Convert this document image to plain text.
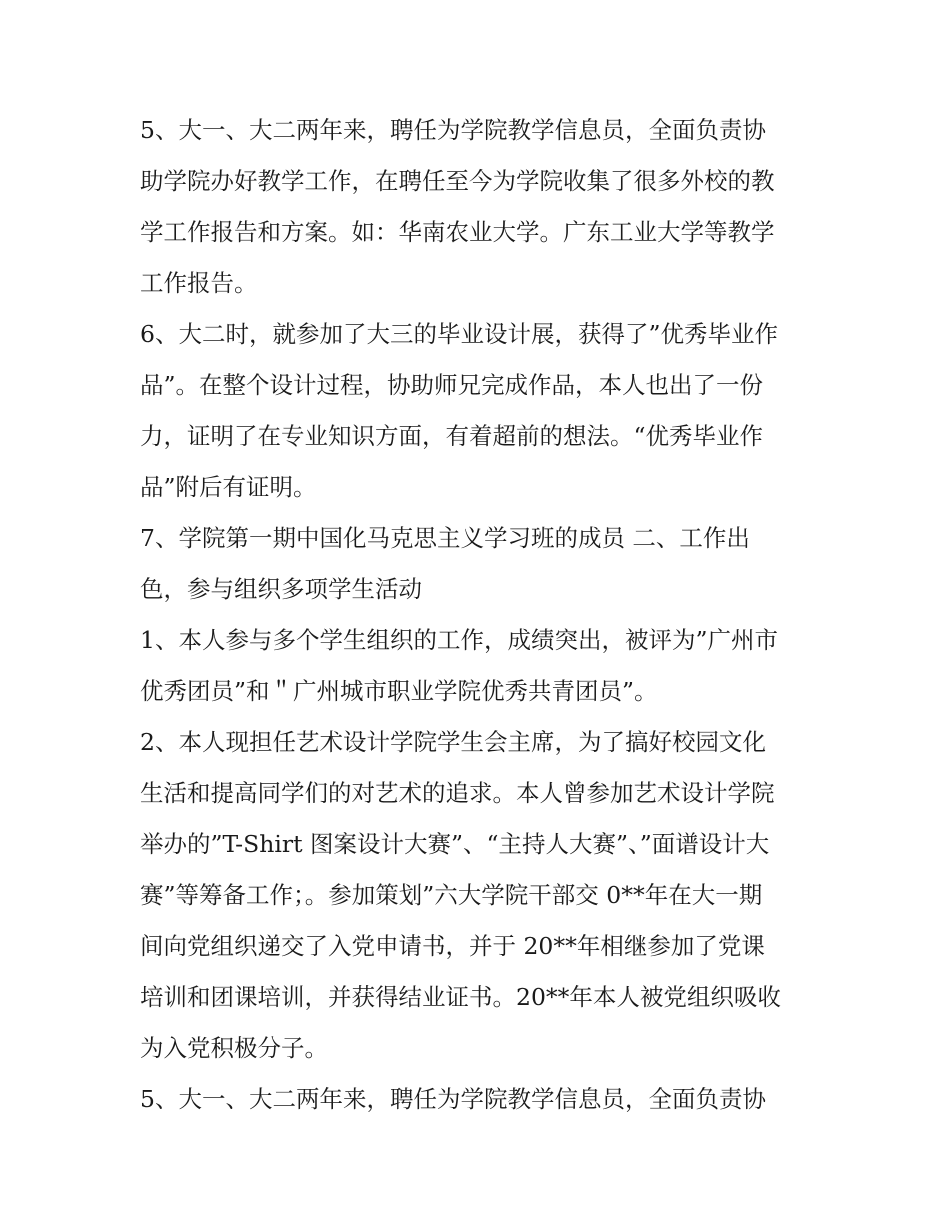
5、大一、大二两年来，聘任为学院教学信息员，全面负责协
助学院办好教学工作，在聘任至今为学院收集了很多外校的教
学工作报告和方案。如：华南农业大学。广东工业大学等教学
工作报告。
6、大二时，就参加了大三的毕业设计展，获得了”优秀毕业作
品”。在整个设计过程，协助师兄完成作品，本人也出了一份
力，证明了在专业知识方面，有着超前的想法。“优秀毕业作
品”附后有证明。
7、学院第一期中国化马克思主义学习班的成员 二、工作出
色，参与组织多项学生活动
1、本人参与多个学生组织的工作，成绩突出，被评为”广州市
优秀团员”和＂广州城市职业学院优秀共青团员”。
2、本人现担任艺术设计学院学生会主席，为了搞好校园文化
生活和提高同学们的对艺术的追求。本人曾参加艺术设计学院
举办的”T-Shirt 图案设计大赛”、“主持人大赛”、”面谱设计大
赛”等筹备工作；。参加策划”六大学院干部交 0**年在大一期
间向党组织递交了入党申请书，并于 20**年相继参加了党课
培训和团课培训，并获得结业证书。20**年本人被党组织吸收
为入党积极分子。
5、大一、大二两年来，聘任为学院教学信息员，全面负责协
